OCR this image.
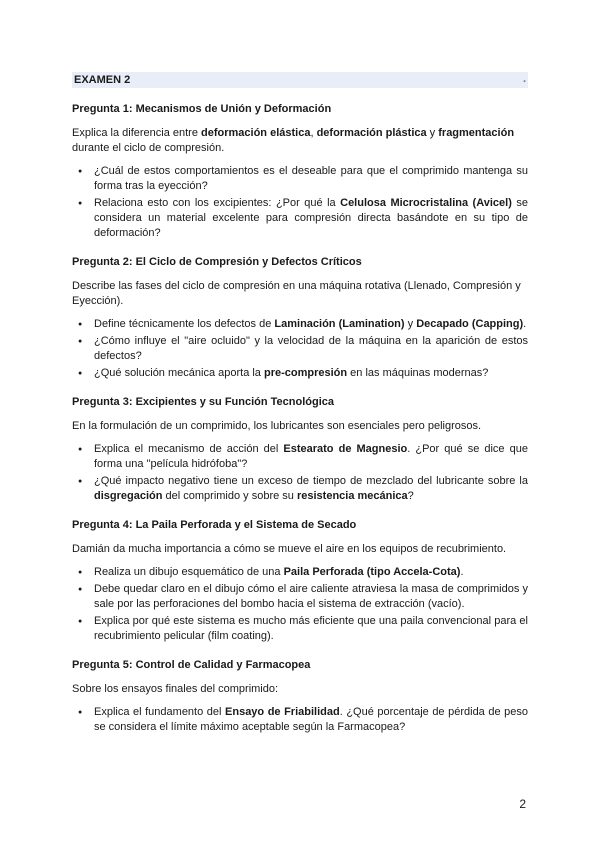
EXAMEN 2	.

Pregunta 1: Mecanismos de Unión y Deformación

Explica la diferencia entre deformación elástica, deformación plástica y fragmentación durante el ciclo de compresión.

● ¿Cuál de estos comportamientos es el deseable para que el comprimido mantenga su forma tras la eyección?
● Relaciona esto con los excipientes: ¿Por qué la Celulosa Microcristalina (Avicel) se considera un material excelente para compresión directa basándote en su tipo de deformación?

Pregunta 2: El Ciclo de Compresión y Defectos Críticos

Describe las fases del ciclo de compresión en una máquina rotativa (Llenado, Compresión y Eyección).

● Define técnicamente los defectos de Laminación (Lamination) y Decapado (Capping).
● ¿Cómo influye el "aire ocluido" y la velocidad de la máquina en la aparición de estos defectos?
● ¿Qué solución mecánica aporta la pre-compresión en las máquinas modernas?

Pregunta 3: Excipientes y su Función Tecnológica

En la formulación de un comprimido, los lubricantes son esenciales pero peligrosos.

● Explica el mecanismo de acción del Estearato de Magnesio. ¿Por qué se dice que forma una "película hidrófoba"?
● ¿Qué impacto negativo tiene un exceso de tiempo de mezclado del lubricante sobre la disgregación del comprimido y sobre su resistencia mecánica?

Pregunta 4: La Paila Perforada y el Sistema de Secado

Damián da mucha importancia a cómo se mueve el aire en los equipos de recubrimiento.

● Realiza un dibujo esquemático de una Paila Perforada (tipo Accela-Cota).
● Debe quedar claro en el dibujo cómo el aire caliente atraviesa la masa de comprimidos y sale por las perforaciones del bombo hacia el sistema de extracción (vacío).
● Explica por qué este sistema es mucho más eficiente que una paila convencional para el recubrimiento pelicular (film coating).

Pregunta 5: Control de Calidad y Farmacopea

Sobre los ensayos finales del comprimido:

● Explica el fundamento del Ensayo de Friabilidad. ¿Qué porcentaje de pérdida de peso se considera el límite máximo aceptable según la Farmacopea?
2
